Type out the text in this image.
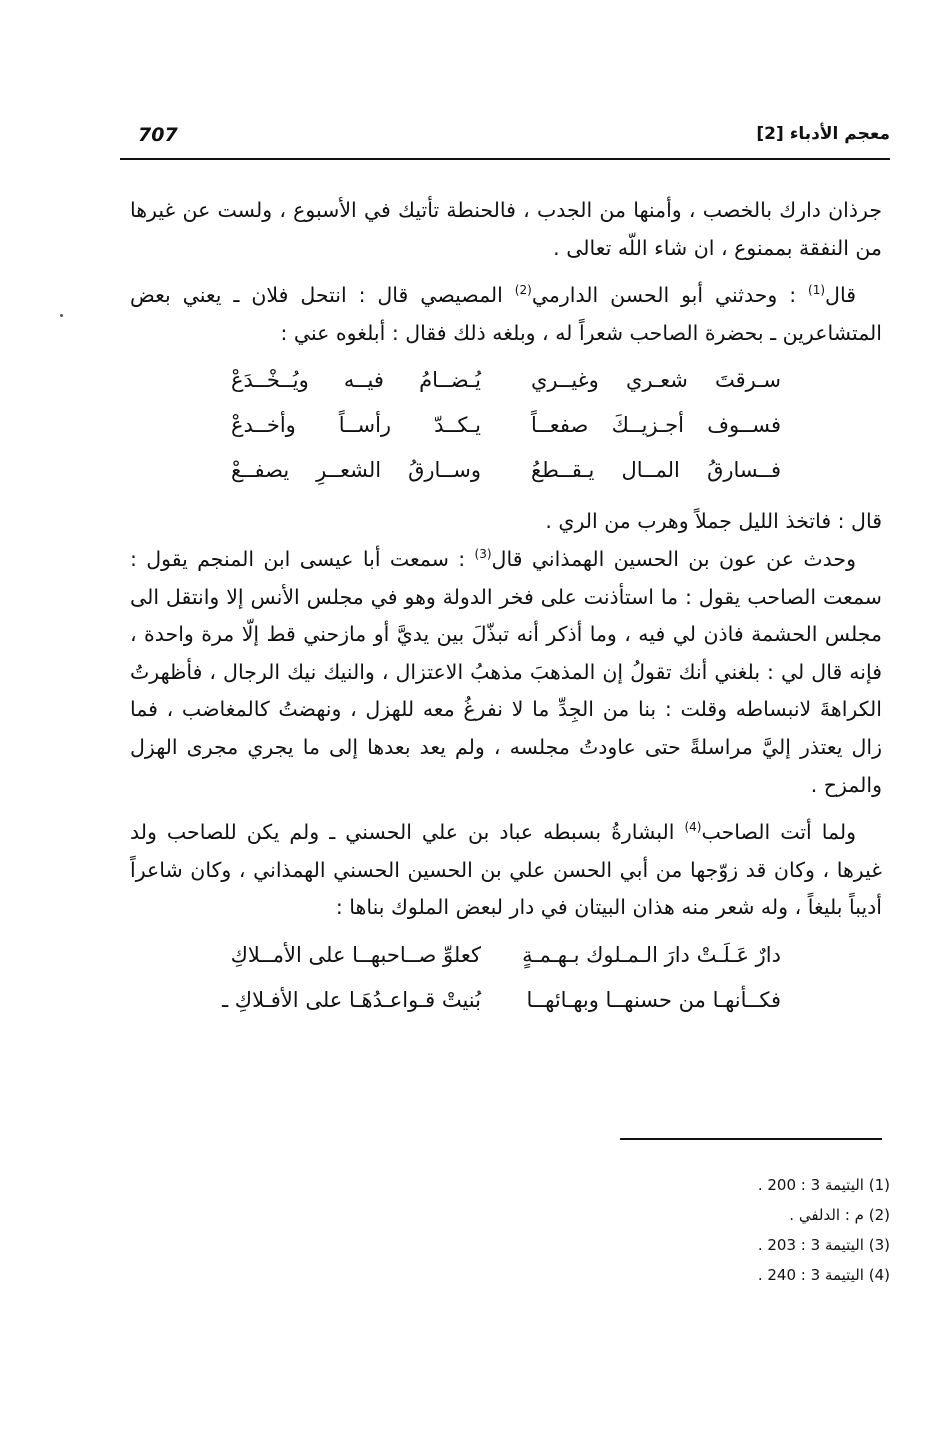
707	معجم الأدباء [2]

جرذان دارك بالخصب ، وأمنها من الجدب ، فالحنطة تأتيك في الأسبوع ، ولست عن غيرها من النفقة بممنوع ، ان شاء اللّه تعالى .

قال$^{(1)}$ : وحدثني أبو الحسن الدارمي$^{(2)}$ المصيصي قال : انتحل فلان ـ يعني بعض المتشاعرين ـ بحضرة الصاحب شعراً له ، وبلغه ذلك فقال : أبلغوه عني :

سـرقتَ شعـري وغيــري
يُـضــامُ فيــه ويُــخْــدَعْ
فســوف أجـزيــكَ صفعــاً
يـكــدّ رأســاً وأخــدعْ
فــسارقُ المــال يـقــطعُ
وســارقُ الشعــرِ يصفــعْ

قال : فاتخذ الليل جملاً وهرب من الري .

وحدث عن عون بن الحسين الهمذاني قال$^{(3)}$ : سمعت أبا عيسى ابن المنجم يقول : سمعت الصاحب يقول : ما استأذنت على فخر الدولة وهو في مجلس الأنس إلا وانتقل الى مجلس الحشمة فاذن لي فيه ، وما أذكر أنه تبذّلَ بين يديَّ أو مازحني قط إلّا مرة واحدة ، فإنه قال لي : بلغني أنك تقولُ إن المذهبَ مذهبُ الاعتزال ، والنيك نيك الرجال ، فأظهرتُ الكراهةَ لانبساطه وقلت : بنا من الجِدِّ ما لا نفرغُ معه للهزل ، ونهضتُ كالمغاضب ، فما زال يعتذر إليَّ مراسلةً حتى عاودتُ مجلسه ، ولم يعد بعدها إلى ما يجري مجرى الهزل والمزح .

ولما أتت الصاحب$^{(4)}$ البشارةُ بسبطه عباد بن علي الحسني ـ ولم يكن للصاحب ولد غيرها ، وكان قد زوّجها من أبي الحسن علي بن الحسين الحسني الهمذاني ، وكان شاعراً أديباً بليغاً ، وله شعر منه هذان البيتان في دار لبعض الملوك بناها :

دارٌ عَـلَـتْ دارَ الـمـلوك بـهـمـةٍ
كعلوِّ صــاحبهــا على الأمــلاكِ
فكــأنهـا من حسنهــا وبهـائهــا
بُنيتْ قـواعـدُهَـا على الأفـلاكِ ـ
(1) اليتيمة 3 : 200 .
(2) م : الدلفي .
(3) اليتيمة 3 : 203 .
(4) اليتيمة 3 : 240 .
